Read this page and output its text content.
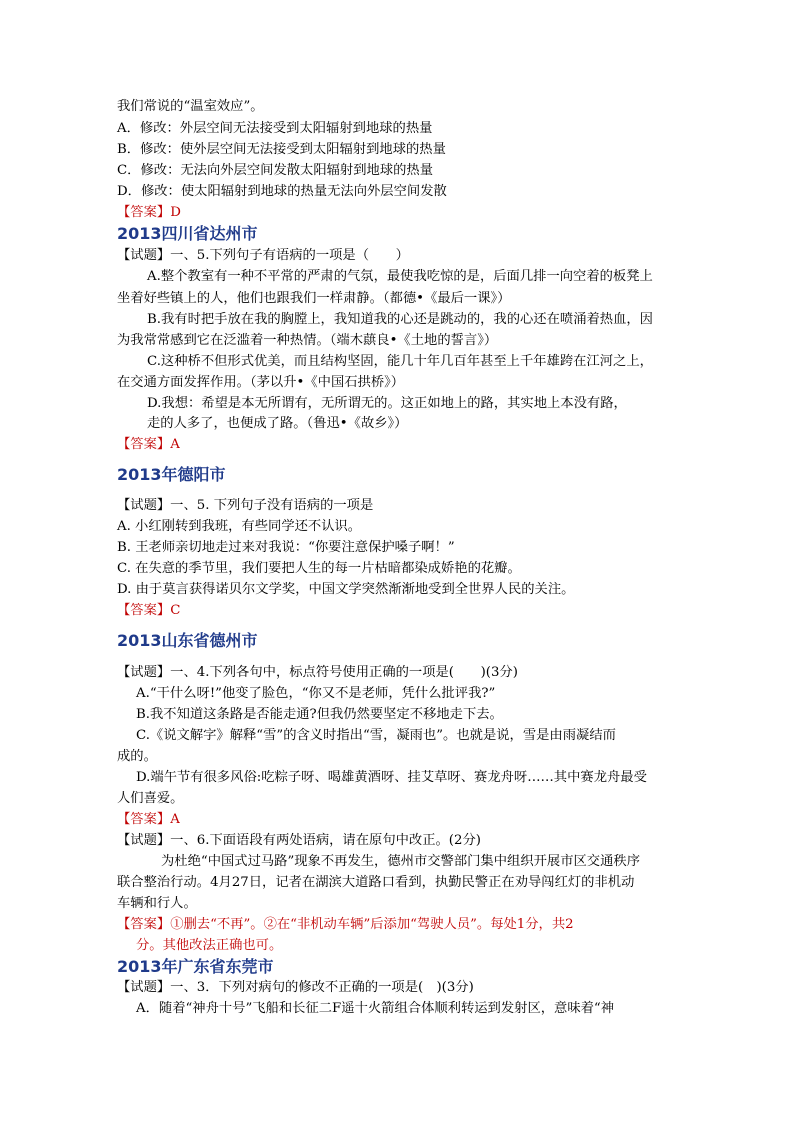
我们常说的“温室效应”。

A．修改：外层空间无法接受到太阳辐射到地球的热量

B．修改：使外层空间无法接受到太阳辐射到地球的热量

C．修改：无法向外层空间发散太阳辐射到地球的热量

D．修改：使太阳辐射到地球的热量无法向外层空间发散

【答案】D

2013四川省达州市

【试题】一、5.下列句子有语病的一项是（　　）

A.整个教室有一种不平常的严肃的气氛，最使我吃惊的是，后面几排一向空着的板凳上

坐着好些镇上的人，他们也跟我们一样肃静。（都德•《最后一课》）

B.我有时把手放在我的胸膛上，我知道我的心还是跳动的，我的心还在喷涌着热血，因

为我常常感到它在泛滥着一种热情。（端木蕻良•《土地的誓言》）

C.这种桥不但形式优美，而且结构坚固，能几十年几百年甚至上千年雄跨在江河之上，

在交通方面发挥作用。（茅以升•《中国石拱桥》）

D.我想：希望是本无所谓有，无所谓无的。这正如地上的路，其实地上本没有路，

走的人多了，也便成了路。（鲁迅•《故乡》）

【答案】A

2013年德阳市

【试题】一、5. 下列句子没有语病的一项是

A. 小红刚转到我班，有些同学还不认识。

B. 王老师亲切地走过来对我说：“你要注意保护嗓子啊！”

C. 在失意的季节里，我们要把人生的每一片枯暗都染成娇艳的花瓣。

D. 由于莫言获得诺贝尔文学奖，中国文学突然渐渐地受到全世界人民的关注。

【答案】C

2013山东省德州市

【试题】一、4.下列各句中，标点符号使用正确的一项是(　　)(3分)

A.“干什么呀!”他变了脸色，“你又不是老师，凭什么批评我?”

B.我不知道这条路是否能走通?但我仍然要坚定不移地走下去。

C.《说文解字》解释“雪”的含义时指出“雪，凝雨也”。也就是说，雪是由雨凝结而

成的。

D.端午节有很多风俗:吃粽子呀、喝雄黄酒呀、挂艾草呀、赛龙舟呀……其中赛龙舟最受

人们喜爱。

【答案】A

【试题】一、6.下面语段有两处语病，请在原句中改正。(2分)

为杜绝“中国式过马路”现象不再发生，德州市交警部门集中组织开展市区交通秩序

联合整治行动。4月27日，记者在湖滨大道路口看到，执勤民警正在劝导闯红灯的非机动

车辆和行人。

【答案】①删去“不再”。②在“非机动车辆”后添加“驾驶人员”。每处1分，共2

分。其他改法正确也可。

2013年广东省东莞市

【试题】一、3．下列对病句的修改不正确的一项是(　)(3分)

A．随着“神舟十号”飞船和长征二F遥十火箭组合体顺利转运到发射区，意味着“神
